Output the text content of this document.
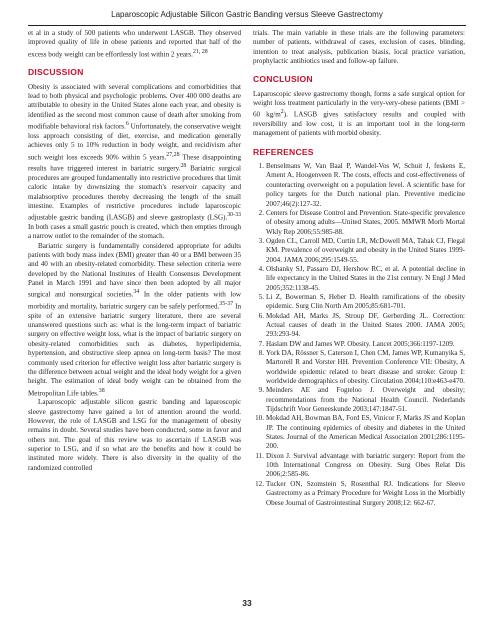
Laparoscopic Adjustable Silicon Gastric Banding versus Sleeve Gastrectomy

et al in a study of 500 patients who underwent LASGB. They observed improved quality of life in obese patients and reported that half of the excess body weight can be effortlessly lost within 2 years.$^{21, 28}$

DISCUSSION

Obesity is associated with several complications and comorbidities that lead to both physical and psychologic problems. Over 400 000 deaths are attributable to obesity in the United States alone each year, and obesity is identified as the second most common cause of death after smoking from modifiable behavioral risk factors.$^6$ Unfortunately, the conservative weight loss approach consisting of diet, exercise, and medication generally achieves only 5 to 10% reduction in body weight, and recidivism after such weight loss exceeds 90% within 5 years.$^{27,28}$ These disappointing results have triggered interest in bariatric surgery.$^{28}$ Bariatric surgical procedures are grouped fundamentally into restrictive procedures that limit caloric intake by downsizing the stomach's reservoir capacity and malabsorptive procedures thereby decreasing the length of the small intestine. Examples of restrictive procedures include laparoscopic adjustable gastric banding (LASGB) and sleeve gastroplasty (LSG).$^{30-33}$ In both cases a small gastric pouch is created, which then empties through a narrow outlet to the remainder of the stomach.

Bariatric surgery is fundamentally considered appropriate for adults patients with body mass index (BMI) greater than 40 or a BMI between 35 and 40 with an obesity-related comorbidity. These selection criteria were developed by the National Institutes of Health Consensus Development Panel in March 1991 and have since then been adopted by all major surgical and nonsurgical societies.$^{34}$ In the older patients with low morbidity and mortality, bariatric surgery can be safely performed.$^{35-37}$ In spite of an extensive bariatric surgery literature, there are several unanswered questions such as: what is the long-term impact of bariatric surgery on effective weight loss, what is the impact of bariatric surgery on obesity-related comorbidities such as diabetes, hyperlipidemia, hypertension, and obstructive sleep apnea on long-term basis? The most commonly used criterion for effective weight loss after bariatric surgery is the difference between actual weight and the ideal body weight for a given height. The estimation of ideal body weight can be obtained from the Metropolitan Life tables.$^{38}$

Laparoscopic adjustable silicon gastric banding and laparoscopic sleeve gastrectomy have gained a lot of attention around the world. However, the role of LASGB and LSG for the management of obesity remains in doubt. Several studies have been conducted, some in favor and others not. The goal of this review was to ascertain if LASGB was superior to LSG, and if so what are the benefits and how it could be instituted more widely. There is also diversity in the quality of the randomized controlled

trials. The main variable in these trials are the following parameters: number of patients, withdrawal of cases, exclusion of cases, blinding, intention to treat analysis, publication biasis, local practice variation, prophylactic antibiotics used and follow-up failure.

CONCLUSION

Laparoscopic sleeve gastrectomy though, forms a safe surgical option for weight loss treatment particularly in the very-very-obese patients (BMI > 60 $kg/m^2$). LASGB gives satisfactory results and coupled with reversibility and low cost, it is an important tool in the long-term management of patients with morbid obesity.

REFERENCES
1. Benselmans W, Van Baal P, Wandel-Vos W, Schuit J, feskens E, Ament A, Hoogenveen R. The costs, effects and cost-effectiveness of counteracting overweight on a population level. A scientific base for policy targets for the Dutch national plan. Preventive medicine 2007;46(2):127-32.
2. Centers for Disease Control and Prevention. State-specific prevalence of obesity among adults—United States, 2005. MMWR Morb Mortal Wkly Rep 2006;55:985-88.
3. Ogden CL, Carroll MD, Curtin LR, McDowell MA, Tabak CJ, Flegal KM. Prevalence of overweight and obesity in the United States 1999-2004. JAMA 2006;295:1549-55.
4. Olshanky SJ, Passaro DJ, Hershow RC, et al. A potential decline in life expectancy in the United States in the 21st century. N Engl J Med 2005;352:1138-45.
5. Li Z, Bowerman S, Heber D. Health ramifications of the obesity epidemic. Surg Clin North Am 2005;85:681-701.
6. Mokdad AH, Marks JS, Stroup DF, Gerberding JL. Correction: Actual causes of death in the United States 2000. JAMA 2005; 293:293-94.
7. Haslam DW and James WP. Obesity. Lancet 2005;366:1197-1209.
8. York DA, Rössner S, Caterson I, Chen CM, James WP, Kumanyika S, Martorell R and Vorster HH. Prevention Conference VII: Obesity, A worldwide epidemic related to heart disease and stroke: Group I: worldwide demographics of obesity. Circulation 2004;110:e463-e470.
9. Meinders AE and Fogteloo J. Overweight and obesity; recommendations from the National Health Council. Nederlands Tijdschrift Voor Geneeskunde 2003;147:1847-51.
10. Mokdad AH, Bowman BA, Ford ES, Vinicor F, Marks JS and Koplan JP. The continuing epidemics of obesity and diabetes in the United States. Journal of the American Medical Association 2001;286:1195-200.
11. Dixon J. Survival advantage with bariatric surgery: Report from the 10th International Congress on Obesity. Surg Obes Relat Dis 2006;2:585-86.
12. Tucker ON, Szomstein S, Rosenthal RJ. Indications for Sleeve Gastrectomy as a Primary Procedure for Weight Loss in the Morbidly Obese Journal of Gastrointestinal Surgery 2008;12: 662-67.
33
